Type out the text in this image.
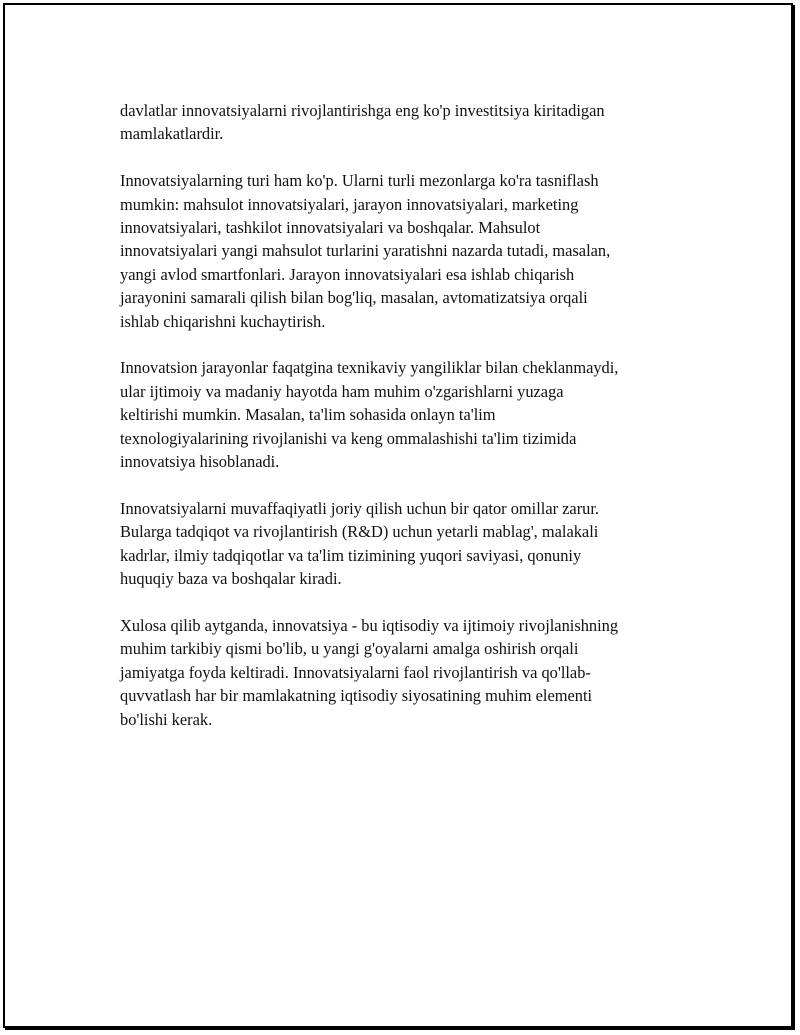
davlatlar innovatsiyalarni rivojlantirishga eng ko'p investitsiya kiritadigan
mamlakatlardir.

Innovatsiyalarning turi ham ko'p. Ularni turli mezonlarga ko'ra tasniflash
mumkin: mahsulot innovatsiyalari, jarayon innovatsiyalari, marketing
innovatsiyalari, tashkilot innovatsiyalari va boshqalar. Mahsulot
innovatsiyalari yangi mahsulot turlarini yaratishni nazarda tutadi, masalan,
yangi avlod smartfonlari. Jarayon innovatsiyalari esa ishlab chiqarish
jarayonini samarali qilish bilan bog'liq, masalan, avtomatizatsiya orqali
ishlab chiqarishni kuchaytirish.

Innovatsion jarayonlar faqatgina texnikaviy yangiliklar bilan cheklanmaydi,
ular ijtimoiy va madaniy hayotda ham muhim o'zgarishlarni yuzaga
keltirishi mumkin. Masalan, ta'lim sohasida onlayn ta'lim
texnologiyalarining rivojlanishi va keng ommalashishi ta'lim tizimida
innovatsiya hisoblanadi.

Innovatsiyalarni muvaffaqiyatli joriy qilish uchun bir qator omillar zarur.
Bularga tadqiqot va rivojlantirish (R&D) uchun yetarli mablag', malakali
kadrlar, ilmiy tadqiqotlar va ta'lim tizimining yuqori saviyasi, qonuniy
huquqiy baza va boshqalar kiradi.

Xulosa qilib aytganda, innovatsiya - bu iqtisodiy va ijtimoiy rivojlanishning
muhim tarkibiy qismi bo'lib, u yangi g'oyalarni amalga oshirish orqali
jamiyatga foyda keltiradi. Innovatsiyalarni faol rivojlantirish va qo'llab-
quvvatlash har bir mamlakatning iqtisodiy siyosatining muhim elementi
bo'lishi kerak.
